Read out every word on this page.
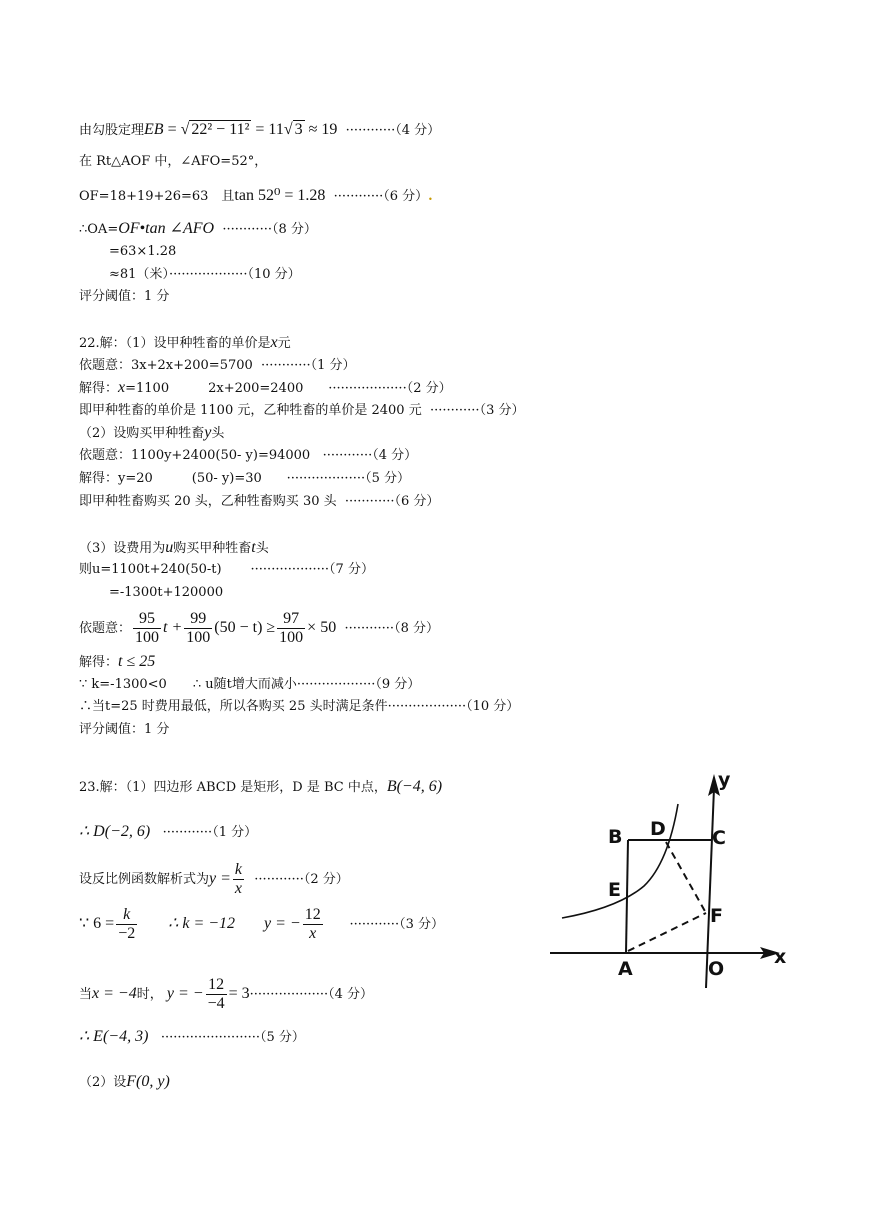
由勾股定理EB = √ 22² − 11² = 11√ 3 ≈ 19 ············（4 分）
在 Rt△AOF 中，∠AFO=52°，
OF=18+19+26=63　且tan 52⁰ = 1.28 ············（6 分）.
∴OA=OF•tan ∠AFO ············（8 分）
=63×1.28
≈81（米）···················（10 分）
评分阈值：1 分
22.解：（1）设甲种牲畜的单价是x元
依题意：3x+2x+200=5700 ············（1 分）
解得：x=1100　　　2x+200=2400 ···················（2 分）
即甲种牲畜的单价是 1100 元，乙种牲畜的单价是 2400 元 ············（3 分）
（2）设购买甲种牲畜y头
依题意：1100y+2400(50- y)=94000 ············（4 分）
解得：y=20　　　(50- y)=30 ···················（5 分）
即甲种牲畜购买 20 头，乙种牲畜购买 30 头 ············（6 分）
（3）设费用为u购买甲种牲畜t头
则u=1100t+240(50-t) ···················（7 分）
=-1300t+120000
依题意： $\frac{95}{100}$ $t + \frac{99}{100} (50 - t) \ge \frac{97}{100} \times 50 \cdot\cdot\cdot\cdot\cdot\cdot\cdot\cdot\cdot\cdot\cdot\cdot(8$ 分）
解得：t ≤ 25
∵ k=-1300<0　　∴ u随t增大而减小···················（9 分）
∴当t=25 时费用最低，所以各购买 25 头时满足条件···················（10 分）
评分阈值：1 分
23.解：（1）四边形 ABCD 是矩形，D 是 BC 中点，B(−4, 6)
∴ D(−2, 6) ············（1 分）
设反比例函数解析式为$y = \frac{k}{x} \cdot\cdot\cdot\cdot\cdot\cdot\cdot\cdot\cdot\cdot\cdot\cdot(2$ 分）
∵ $6 = \frac{k}{-2}$ ∴ k = −12 y = − $\frac{12}{x} \cdot\cdot\cdot\cdot\cdot\cdot\cdot\cdot\cdot\cdot\cdot\cdot(3$ 分）
当x = −4时， y = − $\frac{12}{-4} = 3\cdot\cdot\cdot\cdot\cdot\cdot\cdot\cdot\cdot\cdot\cdot\cdot\cdot\cdot\cdot\cdot\cdot\cdot\cdot(4$ 分）
∴ E(−4, 3) ························（5 分）
（2）设F(0, y)
B D C
E
F
A	O
x
y
